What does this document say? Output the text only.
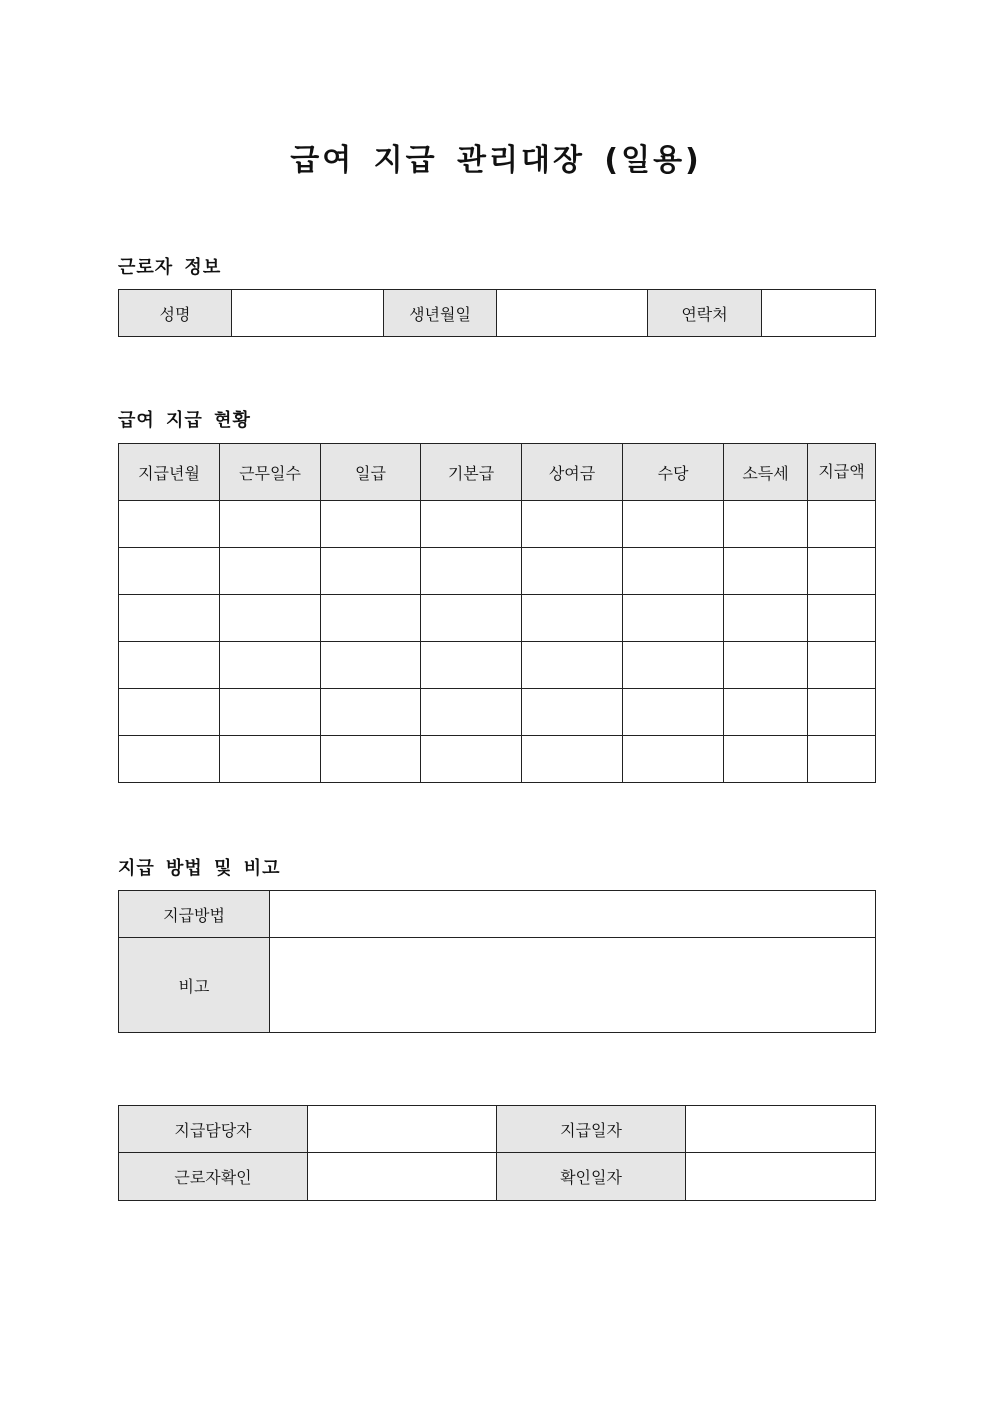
급여 지급 관리대장 (일용)
근로자 정보
성명		생년월일		연락처	
급여 지급 현황
지급년월	근무일수	일급	기본급	상여금	수당	소득세	지급액

지급 방법 및 비고
지급방법	
비고	
지급담당자		지급일자	
근로자확인		확인일자	
